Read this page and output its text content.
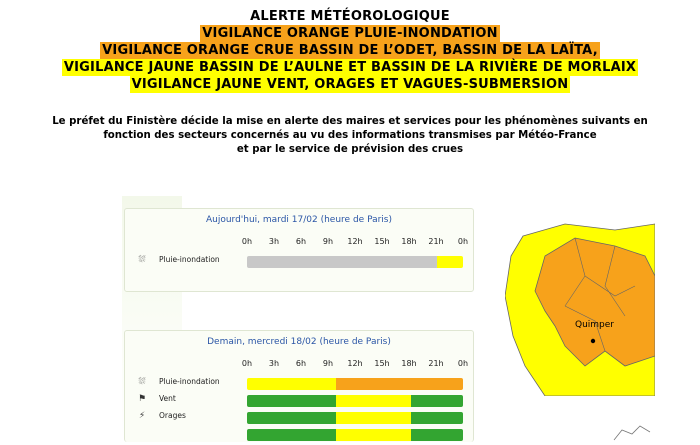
ALERTE MÉTÉOROLOGIQUE
VIGILANCE ORANGE PLUIE-INONDATION
VIGILANCE ORANGE CRUE BASSIN DE L’ODET, BASSIN DE LA LAÏTA,
VIGILANCE JAUNE BASSIN DE L’AULNE ET BASSIN DE LA RIVIÈRE DE MORLAIX
VIGILANCE JAUNE VENT, ORAGES ET VAGUES-SUBMERSION
Le préfet du Finistère décide la mise en alerte des maires et services pour les phénomènes suivants en
fonction des secteurs concernés au vu des informations transmises par Météo-France
et par le service de prévision des crues
Aujourd'hui, mardi 17/02 (heure de Paris)
0h	3h	6h	9h	12h	15h	18h	21h	0h
⛆	Pluie-inondation
Demain, mercredi 18/02 (heure de Paris)
0h	3h	6h	9h	12h	15h	18h	21h	0h
⛆	Pluie-inondation
⚑	Vent
⚡	Orages
Quimper
